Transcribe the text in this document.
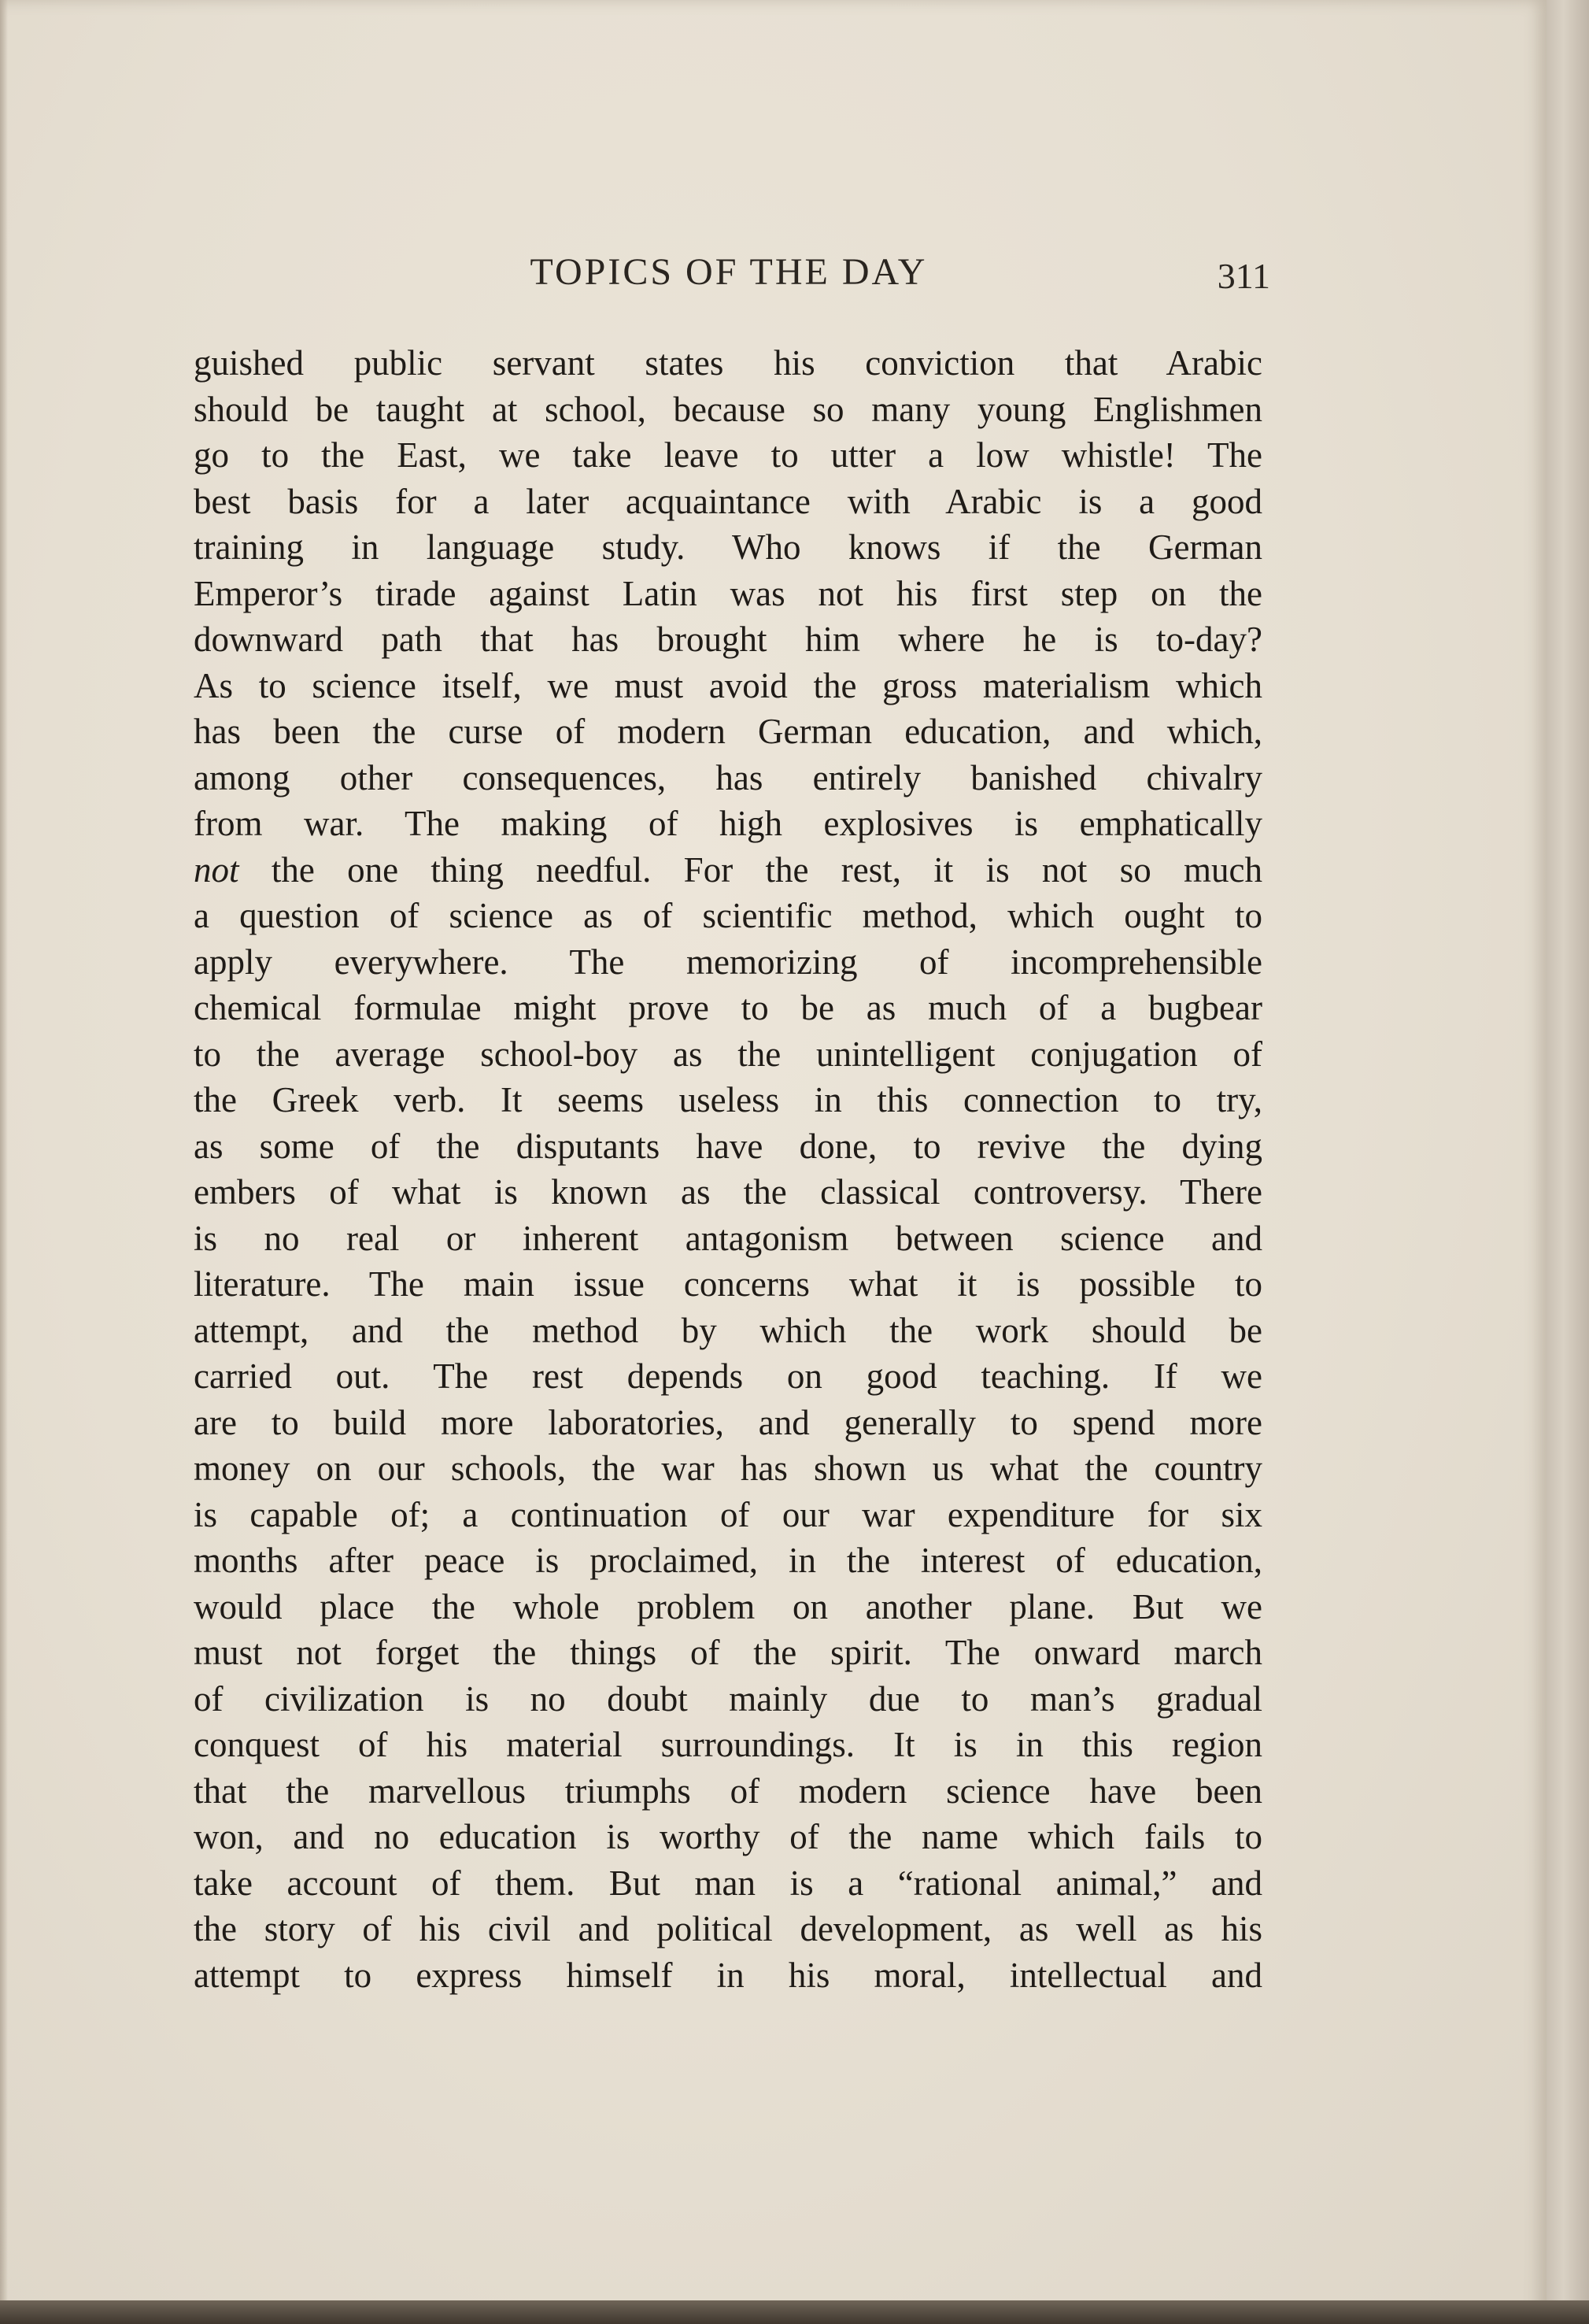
TOPICS OF THE DAY	311
guished public servant states his conviction that Arabic
should be taught at school, because so many young Englishmen
go to the East, we take leave to utter a low whistle! The
best basis for a later acquaintance with Arabic is a good
training in language study. Who knows if the German
Emperor’s tirade against Latin was not his first step on the
downward path that has brought him where he is to-day?
As to science itself, we must avoid the gross materialism which
has been the curse of modern German education, and which,
among other consequences, has entirely banished chivalry
from war. The making of high explosives is emphatically
not the one thing needful. For the rest, it is not so much
a question of science as of scientific method, which ought to
apply everywhere. The memorizing of incomprehensible
chemical formulae might prove to be as much of a bugbear
to the average school-boy as the unintelligent conjugation of
the Greek verb. It seems useless in this connection to try,
as some of the disputants have done, to revive the dying
embers of what is known as the classical controversy. There
is no real or inherent antagonism between science and
literature. The main issue concerns what it is possible to
attempt, and the method by which the work should be
carried out. The rest depends on good teaching. If we
are to build more laboratories, and generally to spend more
money on our schools, the war has shown us what the country
is capable of; a continuation of our war expenditure for six
months after peace is proclaimed, in the interest of education,
would place the whole problem on another plane. But we
must not forget the things of the spirit. The onward march
of civilization is no doubt mainly due to man’s gradual
conquest of his material surroundings. It is in this region
that the marvellous triumphs of modern science have been
won, and no education is worthy of the name which fails to
take account of them. But man is a “rational animal,” and
the story of his civil and political development, as well as his
attempt to express himself in his moral, intellectual and
